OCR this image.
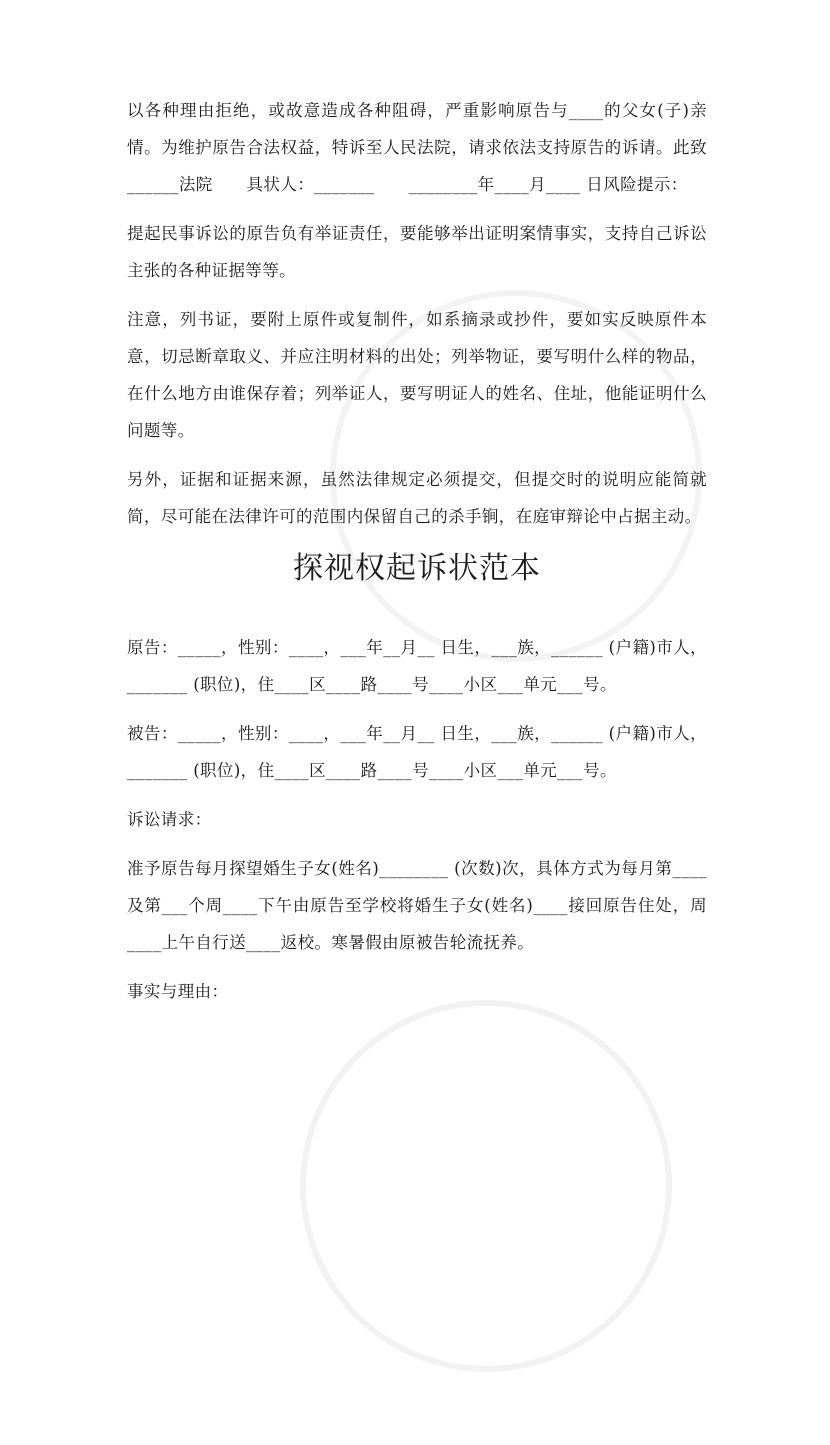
以各种理由拒绝，或故意造成各种阻碍，严重影响原告与____的父女(子)亲情。为维护原告合法权益，特诉至人民法院，请求依法支持原告的诉请。此致______法院　　具状人：_______　　________年____月____ 日风险提示：

提起民事诉讼的原告负有举证责任，要能够举出证明案情事实，支持自己诉讼主张的各种证据等等。

注意，列书证，要附上原件或复制件，如系摘录或抄件，要如实反映原件本意，切忌断章取义、并应注明材料的出处；列举物证，要写明什么样的物品，在什么地方由谁保存着；列举证人，要写明证人的姓名、住址，他能证明什么问题等。

另外，证据和证据来源，虽然法律规定必须提交，但提交时的说明应能简就简，尽可能在法律许可的范围内保留自己的杀手锏，在庭审辩论中占据主动。

探视权起诉状范本

原告：_____，性别：____，___年__月__ 日生，___族，______ (户籍)市人，_______ (职位)，住____区____路____号____小区___单元___号。

被告：_____，性别：____，___年__月__ 日生，___族，______ (户籍)市人，_______ (职位)，住____区____路____号____小区___单元___号。

诉讼请求：

准予原告每月探望婚生子女(姓名)________ (次数)次，具体方式为每月第____及第___个周____下午由原告至学校将婚生子女(姓名)____接回原告住处，周____上午自行送____返校。寒暑假由原被告轮流抚养。

事实与理由：
